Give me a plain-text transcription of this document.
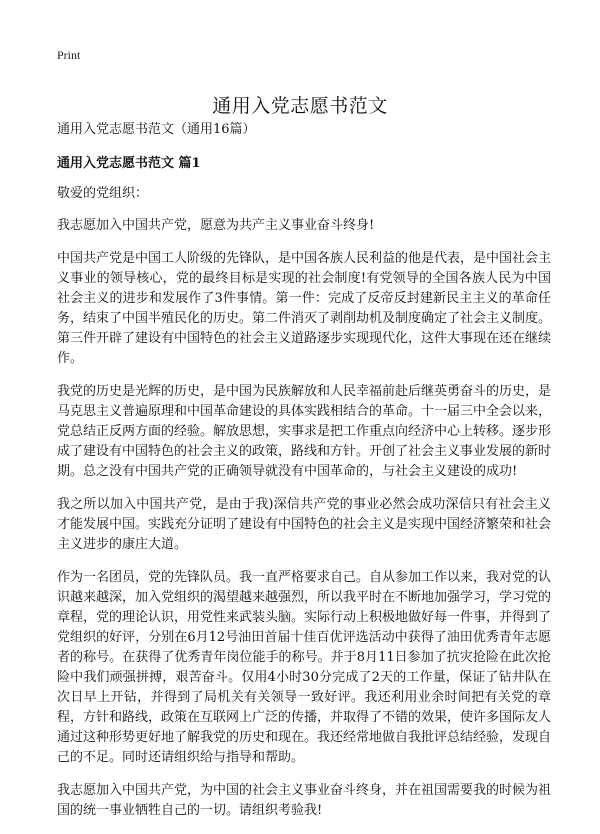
Print
通用入党志愿书范文

通用入党志愿书范文（通用16篇）

通用入党志愿书范文 篇1

敬爱的党组织：

我志愿加入中国共产党，愿意为共产主义事业奋斗终身!

中国共产党是中国工人阶级的先锋队，是中国各族人民利益的他是代表，是中国社会主义事业的领导核心，党的最终目标是实现的社会制度!有党领导的全国各族人民为中国社会主义的进步和发展作了3件事情。第一件：完成了反帝反封建新民主主义的革命任务，结束了中国半殖民化的历史。第二件消灭了剥削劫机及制度确定了社会主义制度。第三件开辟了建设有中国特色的社会主义道路逐步实现现代化，这件大事现在还在继续作。

我党的历史是光辉的历史，是中国为民族解放和人民幸福前赴后继英勇奋斗的历史，是马克思主义普遍原理和中国革命建设的具体实践相结合的革命。十一届三中全会以来，党总结正反两方面的经验。解放思想，实事求是把工作重点向经济中心上转移。逐步形成了建设有中国特色的社会主义的政策，路线和方针。开创了社会主义事业发展的新时期。总之没有中国共产党的正确领导就没有中国革命的，与社会主义建设的成功!

我之所以加入中国共产党，是由于我)深信共产党的事业必然会成功深信只有社会主义才能发展中国。实践充分证明了建设有中国特色的社会主义是实现中国经济繁荣和社会主义进步的康庄大道。

作为一名团员，党的先锋队员。我一直严格要求自己。自从参加工作以来，我对党的认识越来越深，加入党组织的渴望越来越强烈，所以我平时在不断地加强学习，学习党的章程，党的理论认识，用党性来武装头脑。实际行动上积极地做好每一件事，并得到了党组织的好评，分别在6月12号油田首届十佳百优评选活动中获得了油田优秀青年志愿者的称号。在获得了优秀青年岗位能手的称号。并于8月11日参加了抗灾抢险在此次抢险中我们顽强拼搏，艰苦奋斗。仅用4小时30分完成了2天的工作量，保证了钻井队在次日早上开钻，并得到了局机关有关领导一致好评。我还利用业余时间把有关党的章程，方针和路线，政策在互联网上广泛的传播，并取得了不错的效果，使许多国际友人通过这种形势更好地了解我党的历史和现在。我还经常地做自我批评总结经验，发现自己的不足。同时还请组织给与指导和帮助。

我志愿加入中国共产党，为中国的社会主义事业奋斗终身，并在祖国需要我的时候为祖国的统一事业牺牲自己的一切。请组织考验我!
